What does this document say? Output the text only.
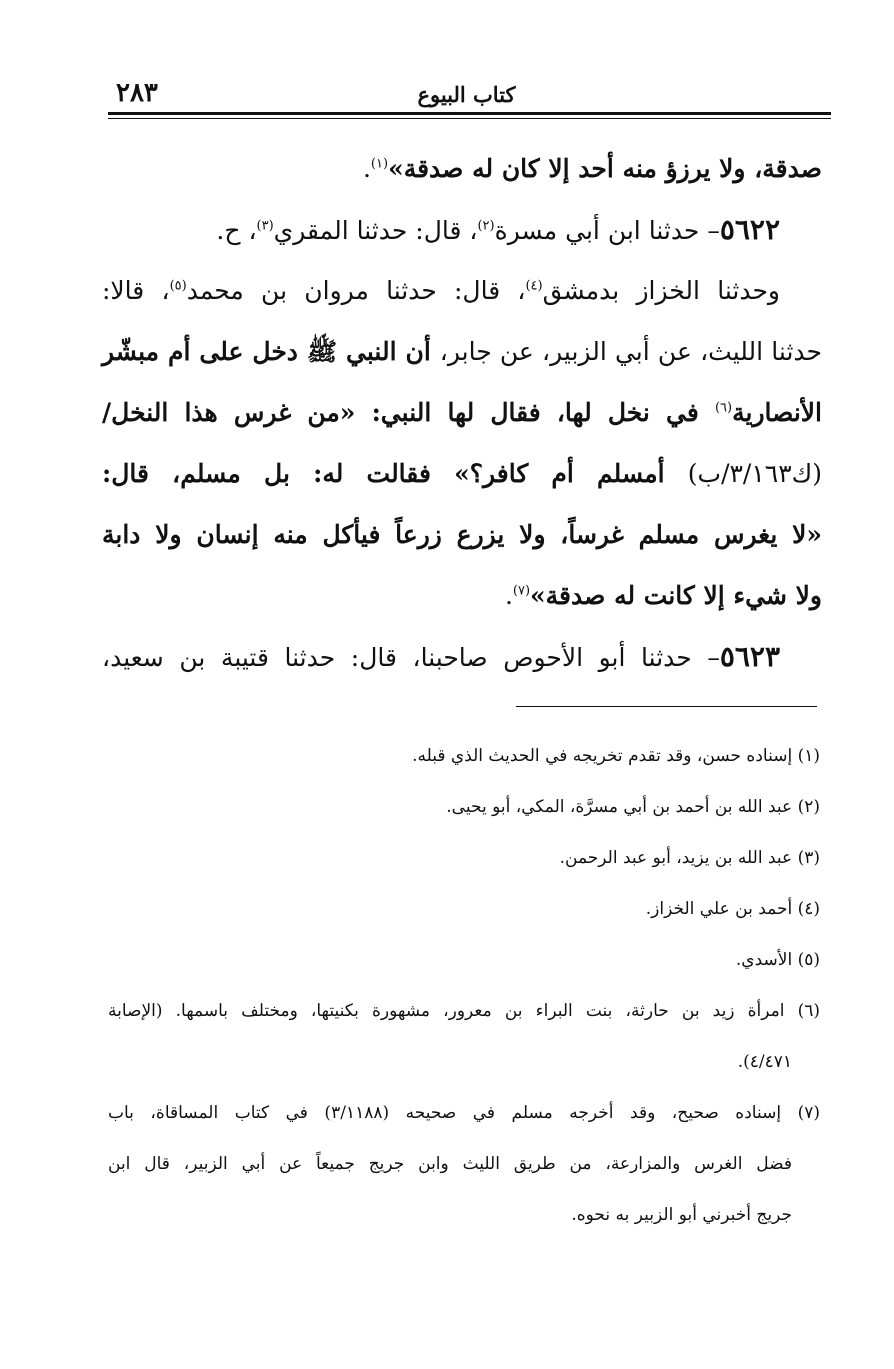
كتاب البيوع
٢٨٣
صدقة، ولا يرزؤ منه أحد إلا كان له صدقة»$^{(١)}$.
٥٦٢٢– حدثنا ابن أبي مسرة$^{(٢)}$، قال: حدثنا المقري$^{(٣)}$، ح.
وحدثنا الخزاز بدمشق$^{(٤)}$، قال: حدثنا مروان بن محمد$^{(٥)}$، قالا:
حدثنا الليث، عن أبي الزبير، عن جابر، أن النبي ﷺ دخل على أم مبشّر
الأنصارية$^{(٦)}$ في نخل لها، فقال لها النبي: «من غرس هذا النخل/
(ك٣/١٦٣/ب) أمسلم أم كافر؟» فقالت له: بل مسلم، قال:
«لا يغرس مسلم غرساً، ولا يزرع زرعاً فيأكل منه إنسان ولا دابة
ولا شيء إلا كانت له صدقة»$^{(٧)}$.
٥٦٢٣– حدثنا أبو الأحوص صاحبنا، قال: حدثنا قتيبة بن سعيد،
(١) إسناده حسن، وقد تقدم تخريجه في الحديث الذي قبله.
(٢) عبد الله بن أحمد بن أبي مسرَّة، المكي، أبو يحيى.
(٣) عبد الله بن يزيد، أبو عبد الرحمن.
(٤) أحمد بن علي الخزاز.
(٥) الأسدي.
(٦) امرأة زيد بن حارثة، بنت البراء بن معرور، مشهورة بكنيتها، ومختلف باسمها. (الإصابة
٤/٤٧١).
(٧) إسناده صحيح، وقد أخرجه مسلم في صحيحه (٣/١١٨٨) في كتاب المساقاة، باب
فضل الغرس والمزارعة، من طريق الليث وابن جريج جميعاً عن أبي الزبير، قال ابن
جريج أخبرني أبو الزبير به نحوه.
